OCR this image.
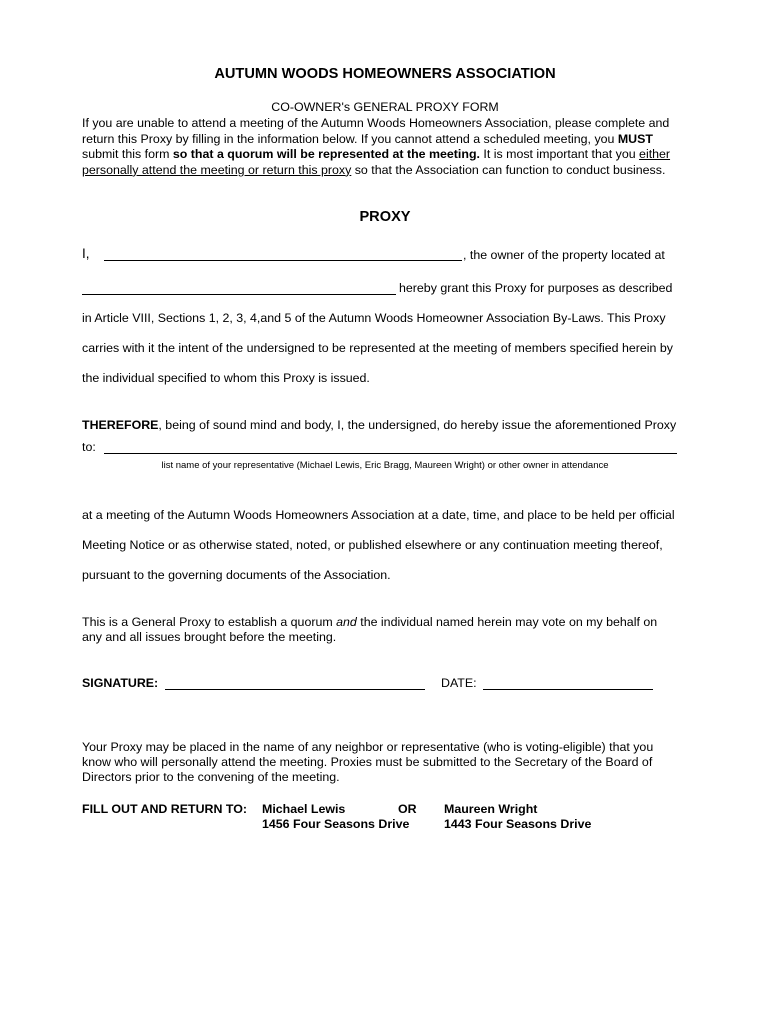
AUTUMN WOODS HOMEOWNERS ASSOCIATION
CO-OWNER's GENERAL PROXY FORM
If you are unable to attend a meeting of the Autumn Woods Homeowners Association, please complete and return this Proxy by filling in the information below. If you cannot attend a scheduled meeting, you MUST submit this form so that a quorum will be represented at the meeting. It is most important that you either personally attend the meeting or return this proxy so that the Association can function to conduct business.
PROXY
I,	, the owner of the property located at
hereby grant this Proxy for purposes as described
in Article VIII, Sections 1, 2, 3, 4,and 5 of the Autumn Woods Homeowner Association By-Laws. This Proxy
carries with it the intent of the undersigned to be represented at the meeting of members specified herein by
the individual specified to whom this Proxy is issued.
THEREFORE, being of sound mind and body, I, the undersigned, do hereby issue the aforementioned Proxy
to:
list name of your representative (Michael Lewis, Eric Bragg, Maureen Wright) or other owner in attendance
at a meeting of the Autumn Woods Homeowners Association at a date, time, and place to be held per official
Meeting Notice or as otherwise stated, noted, or published elsewhere or any continuation meeting thereof,
pursuant to the governing documents of the Association.
This is a General Proxy to establish a quorum and the individual named herein may vote on my behalf on
any and all issues brought before the meeting.
SIGNATURE:	DATE:
Your Proxy may be placed in the name of any neighbor or representative (who is voting-eligible) that you
know who will personally attend the meeting. Proxies must be submitted to the Secretary of the Board of
Directors prior to the convening of the meeting.
FILL OUT AND RETURN TO: Michael Lewis	OR Maureen Wright
1456 Four Seasons Drive	1443 Four Seasons Drive
